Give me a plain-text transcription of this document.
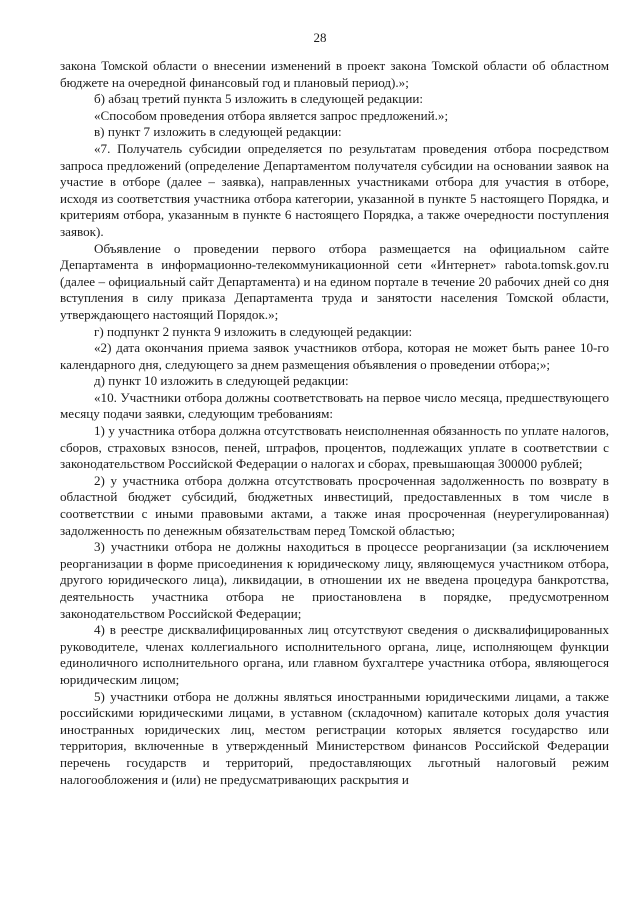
28

закона Томской области о внесении изменений в проект закона Томской области об областном бюджете на очередной финансовый год и плановый период).»;

б) абзац третий пункта 5 изложить в следующей редакции:

«Способом проведения отбора является запрос предложений.»;

в) пункт 7 изложить в следующей редакции:

«7. Получатель субсидии определяется по результатам проведения отбора посредством запроса предложений (определение Департаментом получателя субсидии на основании заявок на участие в отборе (далее – заявка), направленных участниками отбора для участия в отборе, исходя из соответствия участника отбора категории, указанной в пункте 5 настоящего Порядка, и критериям отбора, указанным в пункте 6 настоящего Порядка, а также очередности поступления заявок).

Объявление о проведении первого отбора размещается на официальном сайте Департамента в информационно-телекоммуникационной сети «Интернет» rabota.tomsk.gov.ru (далее – официальный сайт Департамента) и на едином портале в течение 20 рабочих дней со дня вступления в силу приказа Департамента труда и занятости населения Томской области, утверждающего настоящий Порядок.»;

г) подпункт 2 пункта 9 изложить в следующей редакции:

«2) дата окончания приема заявок участников отбора, которая не может быть ранее 10-го календарного дня, следующего за днем размещения объявления о проведении отбора;»;

д) пункт 10 изложить в следующей редакции:

«10. Участники отбора должны соответствовать на первое число месяца, предшествующего месяцу подачи заявки, следующим требованиям:

1) у участника отбора должна отсутствовать неисполненная обязанность по уплате налогов, сборов, страховых взносов, пеней, штрафов, процентов, подлежащих уплате в соответствии с законодательством Российской Федерации о налогах и сборах, превышающая 300000 рублей;

2) у участника отбора должна отсутствовать просроченная задолженность по возврату в областной бюджет субсидий, бюджетных инвестиций, предоставленных в том числе в соответствии с иными правовыми актами, а также иная просроченная (неурегулированная) задолженность по денежным обязательствам перед Томской областью;

3) участники отбора не должны находиться в процессе реорганизации (за исключением реорганизации в форме присоединения к юридическому лицу, являющемуся участником отбора, другого юридического лица), ликвидации, в отношении их не введена процедура банкротства, деятельность участника отбора не приостановлена в порядке, предусмотренном законодательством Российской Федерации;

4) в реестре дисквалифицированных лиц отсутствуют сведения о дисквалифицированных руководителе, членах коллегиального исполнительного органа, лице, исполняющем функции единоличного исполнительного органа, или главном бухгалтере участника отбора, являющегося юридическим лицом;

5) участники отбора не должны являться иностранными юридическими лицами, а также российскими юридическими лицами, в уставном (складочном) капитале которых доля участия иностранных юридических лиц, местом регистрации которых является государство или территория, включенные в утвержденный Министерством финансов Российской Федерации перечень государств и территорий, предоставляющих льготный налоговый режим налогообложения и (или) не предусматривающих раскрытия и
